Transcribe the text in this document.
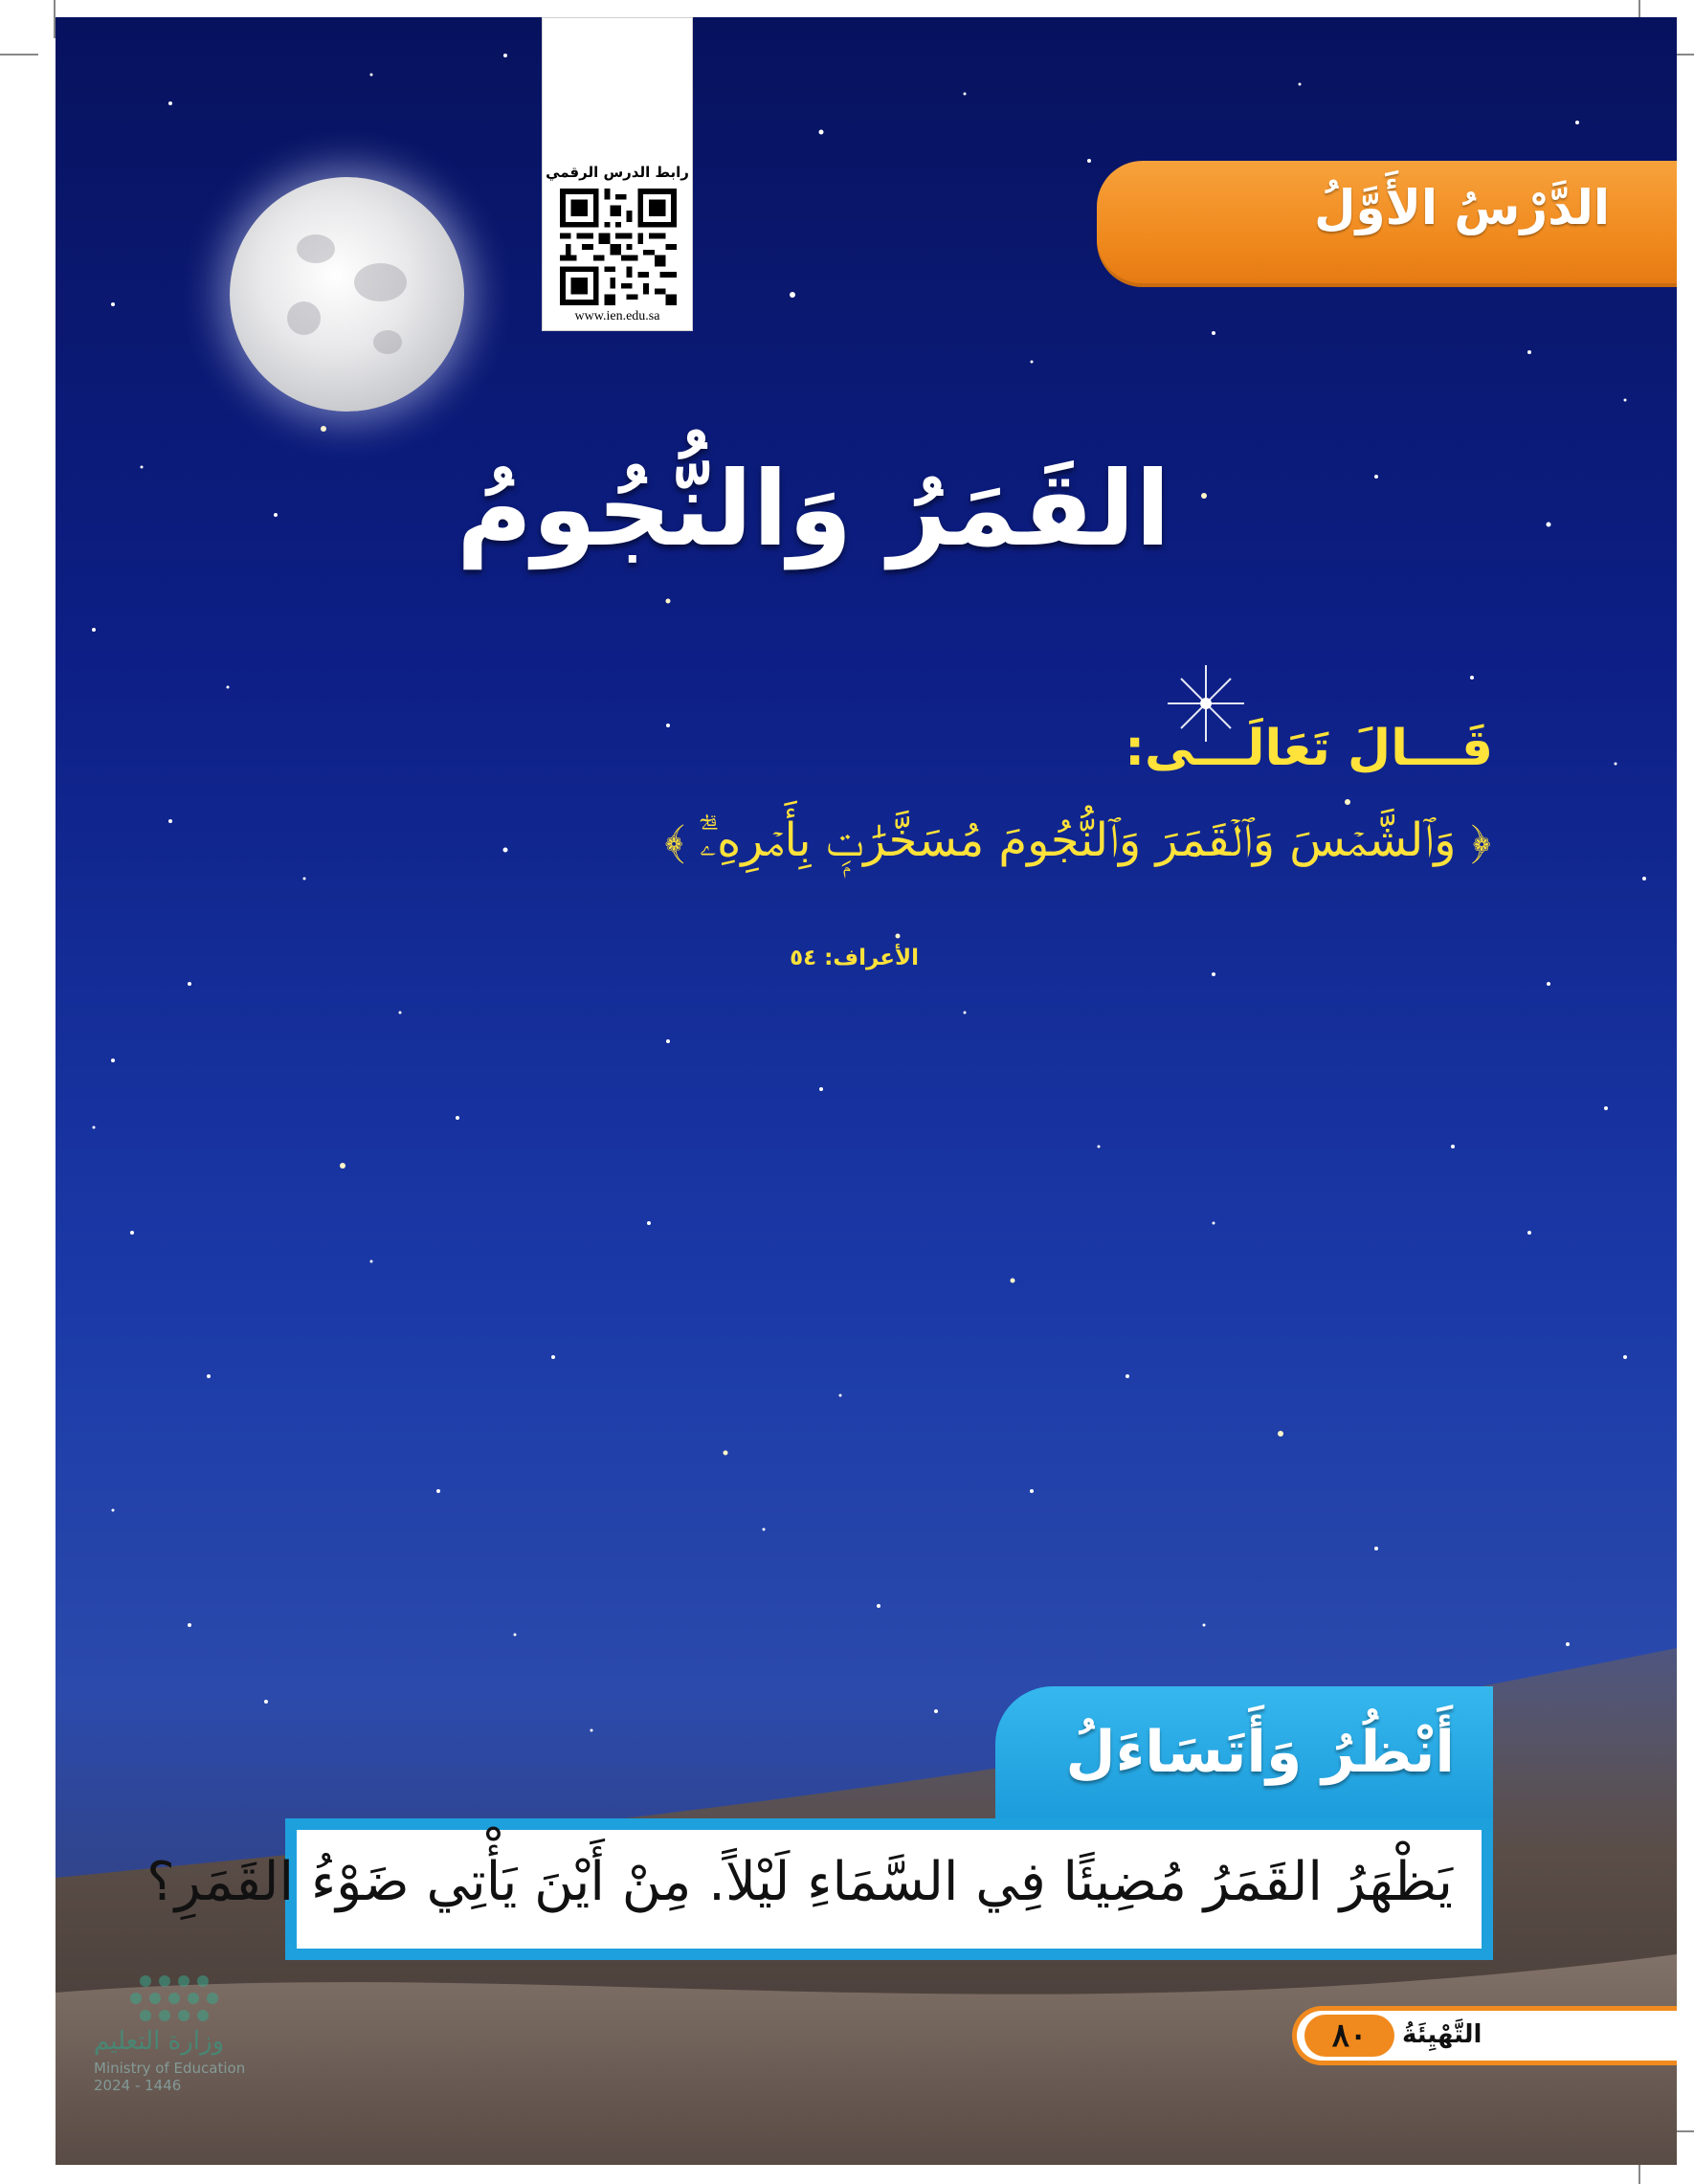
رابط الدرس الرقمي
www.ien.edu.sa
الدَّرْسُ الأَوَّلُ
القَمَرُ وَالنُّجُومُ
قَـــالَ تَعَالَـــى:
﴿ وَٱلشَّمۡسَ وَٱلۡقَمَرَ وَٱلنُّجُومَ مُسَخَّرَٰتِۭ بِأَمۡرِهِۦٓۗ ﴾
الأعراف: ٥٤
أَنْظُرُ وَأَتَسَاءَلُ
يَظْهَرُ القَمَرُ مُضِيئًا فِي السَّمَاءِ لَيْلاً. مِنْ أَيْنَ يَأْتِي ضَوْءُ القَمَرِ؟
٨٠	التَّهْيِئَةُ
وزارة التعليم
Ministry of Education
2024 - 1446
